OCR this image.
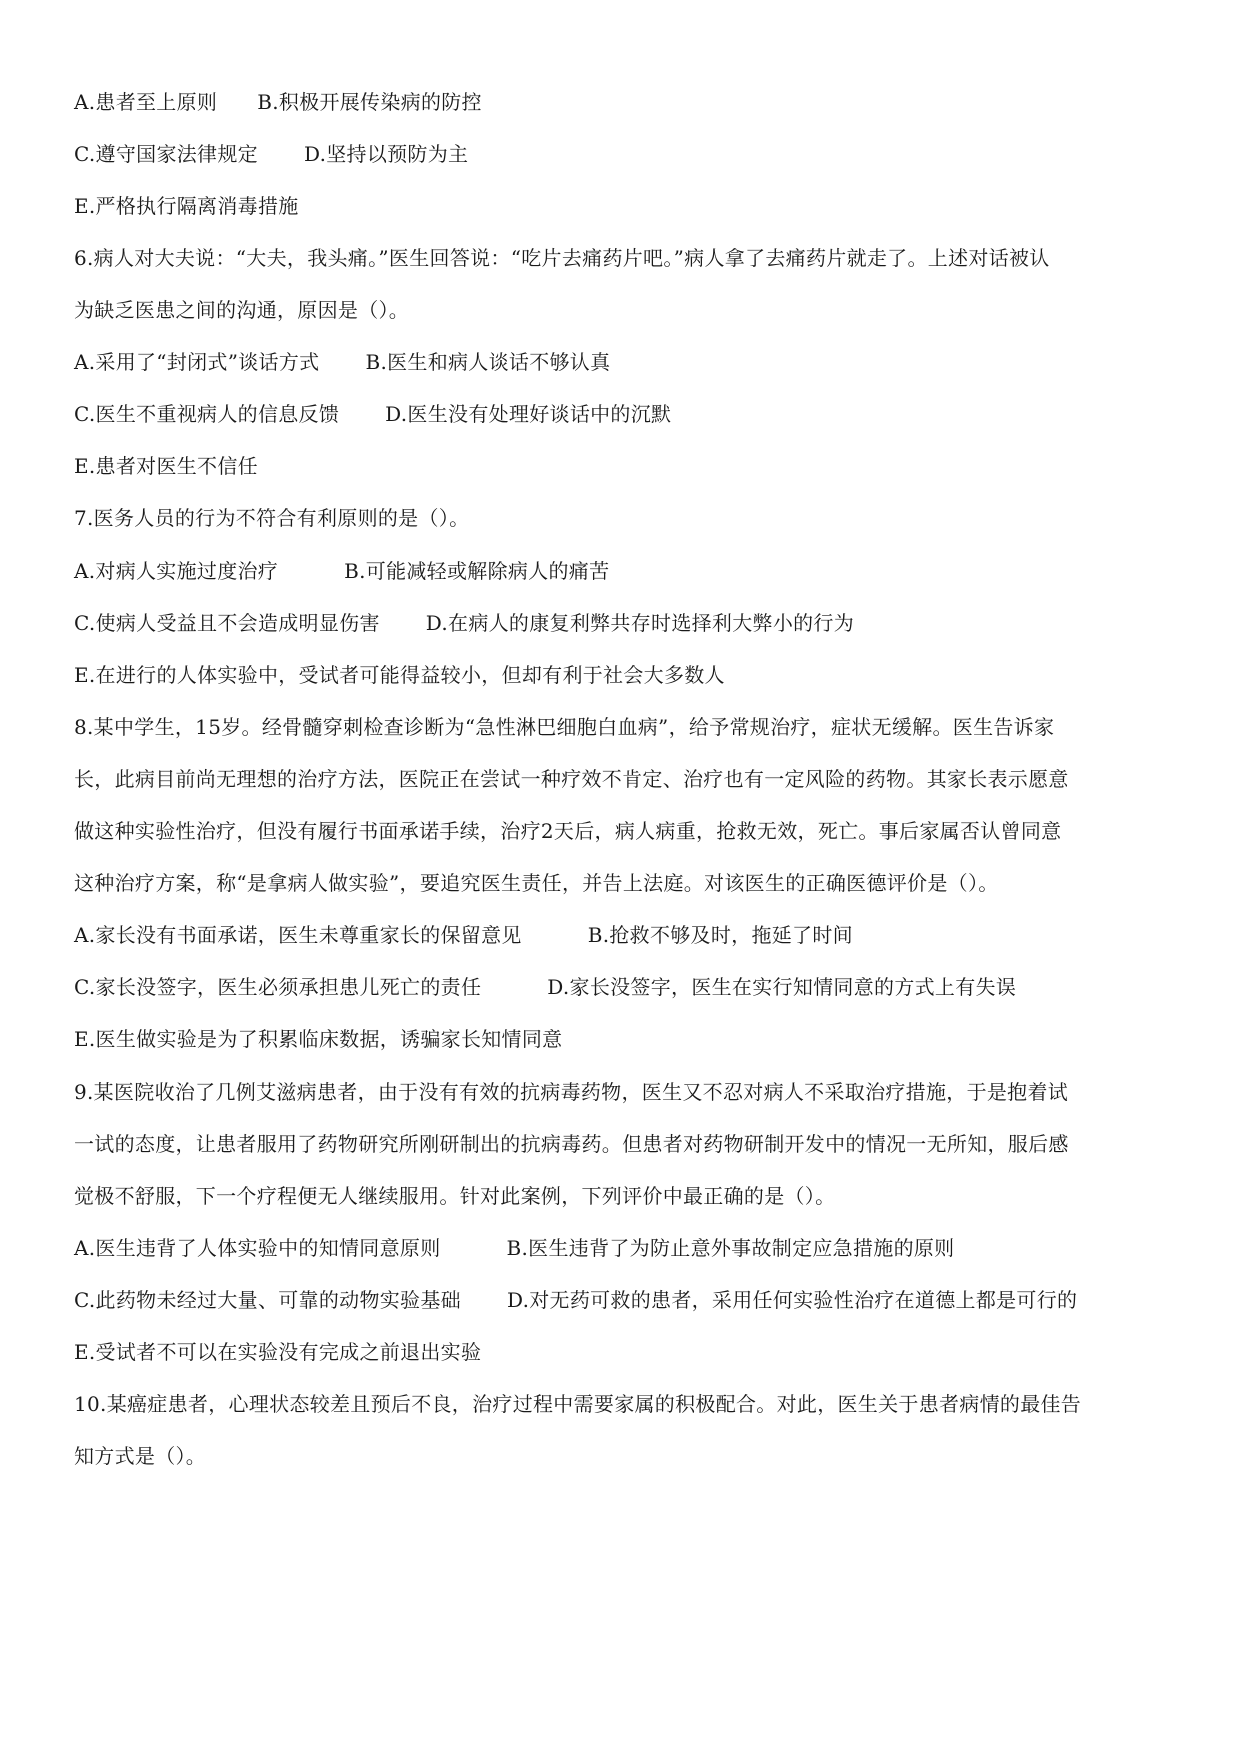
A.患者至上原则 B.积极开展传染病的防控
C.遵守国家法律规定 D.坚持以预防为主
E.严格执行隔离消毒措施
6.病人对大夫说：“大夫，我头痛。”医生回答说：“吃片去痛药片吧。”病人拿了去痛药片就走了。上述对话被认
为缺乏医患之间的沟通，原因是（）。
A.采用了“封闭式”谈话方式 B.医生和病人谈话不够认真
C.医生不重视病人的信息反馈 D.医生没有处理好谈话中的沉默
E.患者对医生不信任
7.医务人员的行为不符合有利原则的是（）。
A.对病人实施过度治疗	B.可能减轻或解除病人的痛苦
C.使病人受益且不会造成明显伤害 D.在病人的康复利弊共存时选择利大弊小的行为
E.在进行的人体实验中，受试者可能得益较小，但却有利于社会大多数人
8.某中学生，15岁。经骨髓穿刺检查诊断为“急性淋巴细胞白血病”，给予常规治疗，症状无缓解。医生告诉家
长，此病目前尚无理想的治疗方法，医院正在尝试一种疗效不肯定、治疗也有一定风险的药物。其家长表示愿意
做这种实验性治疗，但没有履行书面承诺手续，治疗2天后，病人病重，抢救无效，死亡。事后家属否认曾同意
这种治疗方案，称“是拿病人做实验”，要追究医生责任，并告上法庭。对该医生的正确医德评价是（）。
A.家长没有书面承诺，医生未尊重家长的保留意见	B.抢救不够及时，拖延了时间
C.家长没签字，医生必须承担患儿死亡的责任	D.家长没签字，医生在实行知情同意的方式上有失误
E.医生做实验是为了积累临床数据，诱骗家长知情同意
9.某医院收治了几例艾滋病患者，由于没有有效的抗病毒药物，医生又不忍对病人不采取治疗措施，于是抱着试
一试的态度，让患者服用了药物研究所刚研制出的抗病毒药。但患者对药物研制开发中的情况一无所知，服后感
觉极不舒服，下一个疗程便无人继续服用。针对此案例，下列评价中最正确的是（）。
A.医生违背了人体实验中的知情同意原则	B.医生违背了为防止意外事故制定应急措施的原则
C.此药物未经过大量、可靠的动物实验基础 D.对无药可救的患者，采用任何实验性治疗在道德上都是可行的
E.受试者不可以在实验没有完成之前退出实验
10.某癌症患者，心理状态较差且预后不良，治疗过程中需要家属的积极配合。对此，医生关于患者病情的最佳告
知方式是（）。
